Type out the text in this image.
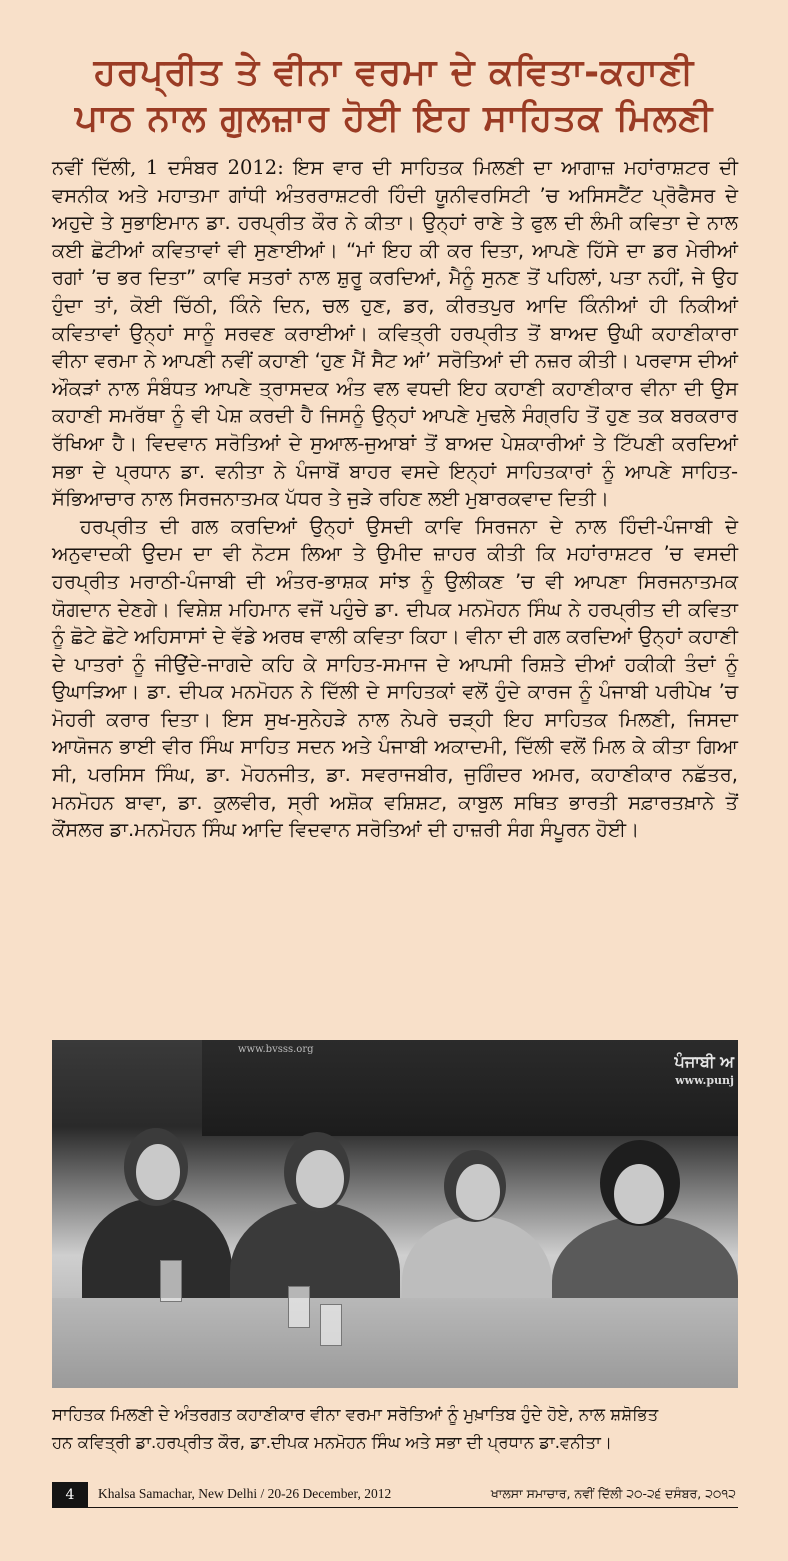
ਹਰਪ੍ਰੀਤ ਤੇ ਵੀਨਾ ਵਰਮਾ ਦੇ ਕਵਿਤਾ-ਕਹਾਣੀ
ਪਾਠ ਨਾਲ ਗੁਲਜ਼ਾਰ ਹੋਈ ਇਹ ਸਾਹਿਤਕ ਮਿਲਣੀ

ਨਵੀਂ ਦਿੱਲੀ, 1 ਦਸੰਬਰ 2012: ਇਸ ਵਾਰ ਦੀ ਸਾਹਿਤਕ ਮਿਲਣੀ ਦਾ ਆਗਾਜ਼ ਮਹਾਂਰਾਸ਼ਟਰ ਦੀ ਵਸਨੀਕ ਅਤੇ ਮਹਾਤਮਾ ਗਾਂਧੀ ਅੰਤਰਰਾਸ਼ਟਰੀ ਹਿੰਦੀ ਯੂਨੀਵਰਸਿਟੀ ’ਚ ਅਸਿਸਟੈਂਟ ਪ੍ਰੋਫੈਸਰ ਦੇ ਅਹੁਦੇ ਤੇ ਸੁਭਾਇਮਾਨ ਡਾ. ਹਰਪ੍ਰੀਤ ਕੌਰ ਨੇ ਕੀਤਾ। ਉਨ੍ਹਾਂ ਰਾਣੇ ਤੇ ਫੁਲ ਦੀ ਲੰਮੀ ਕਵਿਤਾ ਦੇ ਨਾਲ ਕਈ ਛੋਟੀਆਂ ਕਵਿਤਾਵਾਂ ਵੀ ਸੁਣਾਈਆਂ। “ਮਾਂ ਇਹ ਕੀ ਕਰ ਦਿਤਾ, ਆਪਣੇ ਹਿੱਸੇ ਦਾ ਡਰ ਮੇਰੀਆਂ ਰਗਾਂ ’ਚ ਭਰ ਦਿਤਾ” ਕਾਵਿ ਸਤਰਾਂ ਨਾਲ ਸ਼ੁਰੂ ਕਰਦਿਆਂ, ਮੈਨੂੰ ਸੁਨਣ ਤੋਂ ਪਹਿਲਾਂ, ਪਤਾ ਨਹੀਂ, ਜੇ ਉਹ ਹੁੰਦਾ ਤਾਂ, ਕੋਈ ਚਿੱਠੀ, ਕਿੰਨੇ ਦਿਨ, ਚਲ ਹੁਣ, ਡਰ, ਕੀਰਤਪੁਰ ਆਦਿ ਕਿੰਨੀਆਂ ਹੀ ਨਿਕੀਆਂ ਕਵਿਤਾਵਾਂ ਉਨ੍ਹਾਂ ਸਾਨੂੰ ਸਰਵਣ ਕਰਾਈਆਂ। ਕਵਿਤ੍ਰੀ ਹਰਪ੍ਰੀਤ ਤੋਂ ਬਾਅਦ ਉਘੀ ਕਹਾਣੀਕਾਰਾ ਵੀਨਾ ਵਰਮਾ ਨੇ ਆਪਣੀ ਨਵੀਂ ਕਹਾਣੀ ‘ਹੁਣ ਮੈਂ ਸੈਟ ਆਂ’ ਸਰੋਤਿਆਂ ਦੀ ਨਜ਼ਰ ਕੀਤੀ। ਪਰਵਾਸ ਦੀਆਂ ਔਕੜਾਂ ਨਾਲ ਸੰਬੰਧਤ ਆਪਣੇ ਤ੍ਰਾਸਦਕ ਅੰਤ ਵਲ ਵਧਦੀ ਇਹ ਕਹਾਣੀ ਕਹਾਣੀਕਾਰ ਵੀਨਾ ਦੀ ਉਸ ਕਹਾਣੀ ਸਮਰੱਥਾ ਨੂੰ ਵੀ ਪੇਸ਼ ਕਰਦੀ ਹੈ ਜਿਸਨੂੰ ਉਨ੍ਹਾਂ ਆਪਣੇ ਮੁਢਲੇ ਸੰਗ੍ਰਹਿ ਤੋਂ ਹੁਣ ਤਕ ਬਰਕਰਾਰ ਰੱਖਿਆ ਹੈ। ਵਿਦਵਾਨ ਸਰੋਤਿਆਂ ਦੇ ਸੁਆਲ-ਜੁਆਬਾਂ ਤੋਂ ਬਾਅਦ ਪੇਸ਼ਕਾਰੀਆਂ ਤੇ ਟਿੱਪਣੀ ਕਰਦਿਆਂ ਸਭਾ ਦੇ ਪ੍ਰਧਾਨ ਡਾ. ਵਨੀਤਾ ਨੇ ਪੰਜਾਬੋਂ ਬਾਹਰ ਵਸਦੇ ਇਨ੍ਹਾਂ ਸਾਹਿਤਕਾਰਾਂ ਨੂੰ ਆਪਣੇ ਸਾਹਿਤ-ਸੱਭਿਆਚਾਰ ਨਾਲ ਸਿਰਜਨਾਤਮਕ ਪੱਧਰ ਤੇ ਜੁੜੇ ਰਹਿਣ ਲਈ ਮੁਬਾਰਕਵਾਦ ਦਿਤੀ।

ਹਰਪ੍ਰੀਤ ਦੀ ਗਲ ਕਰਦਿਆਂ ਉਨ੍ਹਾਂ ਉਸਦੀ ਕਾਵਿ ਸਿਰਜਨਾ ਦੇ ਨਾਲ ਹਿੰਦੀ-ਪੰਜਾਬੀ ਦੇ ਅਨੁਵਾਦਕੀ ਉਦਮ ਦਾ ਵੀ ਨੋਟਸ ਲਿਆ ਤੇ ਉਮੀਦ ਜ਼ਾਹਰ ਕੀਤੀ ਕਿ ਮਹਾਂਰਾਸ਼ਟਰ ’ਚ ਵਸਦੀ ਹਰਪ੍ਰੀਤ ਮਰਾਠੀ-ਪੰਜਾਬੀ ਦੀ ਅੰਤਰ-ਭਾਸ਼ਕ ਸਾਂਝ ਨੂੰ ਉਲੀਕਣ ’ਚ ਵੀ ਆਪਣਾ ਸਿਰਜਨਾਤਮਕ ਯੋਗਦਾਨ ਦੇਣਗੇ। ਵਿਸ਼ੇਸ਼ ਮਹਿਮਾਨ ਵਜੋਂ ਪਹੁੰਚੇ ਡਾ. ਦੀਪਕ ਮਨਮੋਹਨ ਸਿੰਘ ਨੇ ਹਰਪ੍ਰੀਤ ਦੀ ਕਵਿਤਾ ਨੂੰ ਛੋਟੇ ਛੋਟੇ ਅਹਿਸਾਸਾਂ ਦੇ ਵੱਡੇ ਅਰਥ ਵਾਲੀ ਕਵਿਤਾ ਕਿਹਾ। ਵੀਨਾ ਦੀ ਗਲ ਕਰਦਿਆਂ ਉਨ੍ਹਾਂ ਕਹਾਣੀ ਦੇ ਪਾਤਰਾਂ ਨੂੰ ਜੀਉਂਦੇ-ਜਾਗਦੇ ਕਹਿ ਕੇ ਸਾਹਿਤ-ਸਮਾਜ ਦੇ ਆਪਸੀ ਰਿਸ਼ਤੇ ਦੀਆਂ ਹਕੀਕੀ ਤੰਦਾਂ ਨੂੰ ਉਘਾੜਿਆ। ਡਾ. ਦੀਪਕ ਮਨਮੋਹਨ ਨੇ ਦਿੱਲੀ ਦੇ ਸਾਹਿਤਕਾਂ ਵਲੋਂ ਹੁੰਦੇ ਕਾਰਜ ਨੂੰ ਪੰਜਾਬੀ ਪਰੀਪੇਖ ’ਚ ਮੋਹਰੀ ਕਰਾਰ ਦਿਤਾ। ਇਸ ਸੁਖ-ਸੁਨੇਹੜੇ ਨਾਲ ਨੇਪਰੇ ਚੜ੍ਹੀ ਇਹ ਸਾਹਿਤਕ ਮਿਲਣੀ, ਜਿਸਦਾ ਆਯੋਜਨ ਭਾਈ ਵੀਰ ਸਿੰਘ ਸਾਹਿਤ ਸਦਨ ਅਤੇ ਪੰਜਾਬੀ ਅਕਾਦਮੀ, ਦਿੱਲੀ ਵਲੋਂ ਮਿਲ ਕੇ ਕੀਤਾ ਗਿਆ ਸੀ, ਪਰਸਿਸ ਸਿੰਘ, ਡਾ. ਮੋਹਨਜੀਤ, ਡਾ. ਸਵਰਾਜਬੀਰ, ਜੁਗਿੰਦਰ ਅਮਰ, ਕਹਾਣੀਕਾਰ ਨਛੱਤਰ, ਮਨਮੋਹਨ ਬਾਵਾ, ਡਾ. ਕੁਲਵੀਰ, ਸ੍ਰੀ ਅਸ਼ੋਕ ਵਸ਼ਿਸ਼ਟ, ਕਾਬੁਲ ਸਥਿਤ ਭਾਰਤੀ ਸਫ਼ਾਰਤਖ਼ਾਨੇ ਤੋਂ ਕੌਂਸਲਰ ਡਾ.ਮਨਮੋਹਨ ਸਿੰਘ ਆਦਿ ਵਿਦਵਾਨ ਸਰੋਤਿਆਂ ਦੀ ਹਾਜ਼ਰੀ ਸੰਗ ਸੰਪੂਰਨ ਹੋਈ।

www.bvsss.org
ਪੰਜਾਬੀ ਅ
www.punj
ਸਾਹਿਤਕ ਮਿਲਣੀ ਦੇ ਅੰਤਰਗਤ ਕਹਾਣੀਕਾਰ ਵੀਨਾ ਵਰਮਾ ਸਰੋਤਿਆਂ ਨੂੰ ਮੁਖ਼ਾਤਿਬ ਹੁੰਦੇ ਹੋਏ, ਨਾਲ ਸ਼ਸ਼ੋਭਿਤ
ਹਨ ਕਵਿਤ੍ਰੀ ਡਾ.ਹਰਪ੍ਰੀਤ ਕੌਰ, ਡਾ.ਦੀਪਕ ਮਨਮੋਹਨ ਸਿੰਘ ਅਤੇ ਸਭਾ ਦੀ ਪ੍ਰਧਾਨ ਡਾ.ਵਨੀਤਾ।
4	Khalsa Samachar, New Delhi / 20-26 December, 2012	ਖਾਲਸਾ ਸਮਾਚਾਰ, ਨਵੀਂ ਦਿੱਲੀ ੨੦-੨੬ ਦਸੰਬਰ, ੨੦੧੨
